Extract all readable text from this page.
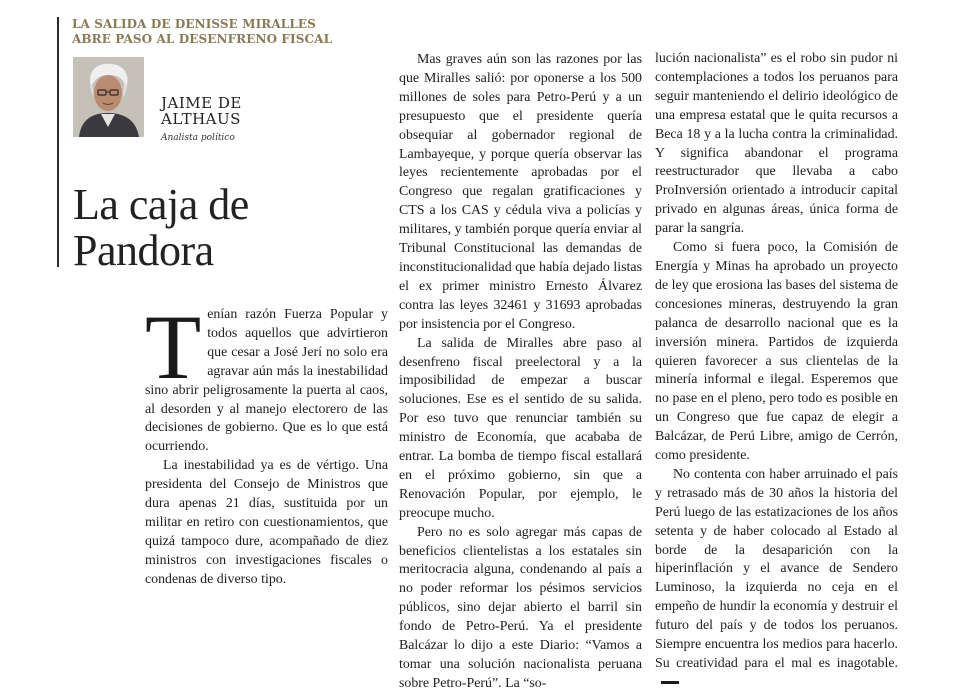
LA SALIDA DE DENISSE MIRALLES
ABRE PASO AL DESENFRENO FISCAL
JAIME DE
ALTHAUS
Analista político
La caja de
Pandora

Tenían razón Fuerza Popular y todos aquellos que advirtieron que cesar a José Jerí no solo era agravar aún más la inestabilidad sino abrir peligrosamente la puerta al caos, al desorden y al manejo electorero de las decisiones de gobierno. Que es lo que está ocurriendo.

La inestabilidad ya es de vértigo. Una presidenta del Consejo de Ministros que dura apenas 21 días, sustituida por un militar en retiro con cuestionamientos, que quizá tampoco dure, acompañado de diez ministros con investigaciones fiscales o condenas de diverso tipo.

Mas graves aún son las razones por las que Miralles salió: por oponerse a los 500 millones de soles para Petro-Perú y a un presupuesto que el presidente quería obsequiar al gobernador regional de Lambayeque, y porque quería observar las leyes recientemente aprobadas por el Congreso que regalan gratificaciones y CTS a los CAS y cédula viva a policías y militares, y también porque quería enviar al Tribunal Constitucional las demandas de inconstitucionalidad que había dejado listas el ex primer ministro Ernesto Álvarez contra las leyes 32461 y 31693 aprobadas por insistencia por el Congreso.

La salida de Miralles abre paso al desenfreno fiscal preelectoral y a la imposibilidad de empezar a buscar soluciones. Ese es el sentido de su salida. Por eso tuvo que renunciar también su ministro de Economía, que acababa de entrar. La bomba de tiempo fiscal estallará en el próximo gobierno, sin que a Renovación Popular, por ejemplo, le preocupe mucho.

Pero no es solo agregar más capas de beneficios clientelistas a los estatales sin meritocracia alguna, condenando al país a no poder reformar los pésimos servicios públicos, sino dejar abierto el barril sin fondo de Petro-Perú. Ya el presidente Balcázar lo dijo a este Diario: “Vamos a tomar una solución nacionalista peruana sobre Petro-Perú”. La “so-

lución nacionalista” es el robo sin pudor ni contemplaciones a todos los peruanos para seguir manteniendo el delirio ideológico de una empresa estatal que le quita recursos a Beca 18 y a la lucha contra la criminalidad. Y significa abandonar el programa reestructurador que llevaba a cabo ProInversión orientado a introducir capital privado en algunas áreas, única forma de parar la sangría.

Como si fuera poco, la Comisión de Energía y Minas ha aprobado un proyecto de ley que erosiona las bases del sistema de concesiones mineras, destruyendo la gran palanca de desarrollo nacional que es la inversión minera. Partidos de izquierda quieren favorecer a sus clientelas de la minería informal e ilegal. Esperemos que no pase en el pleno, pero todo es posible en un Congreso que fue capaz de elegir a Balcázar, de Perú Libre, amigo de Cerrón, como presidente.

No contenta con haber arruinado el país y retrasado más de 30 años la historia del Perú luego de las estatizaciones de los años setenta y de haber colocado al Estado al borde de la desaparición con la hiperinflación y el avance de Sendero Luminoso, la izquierda no ceja en el empeño de hundir la economía y destruir el futuro del país y de todos los peruanos. Siempre encuentra los medios para hacerlo. Su creatividad para el mal es inagotable.
